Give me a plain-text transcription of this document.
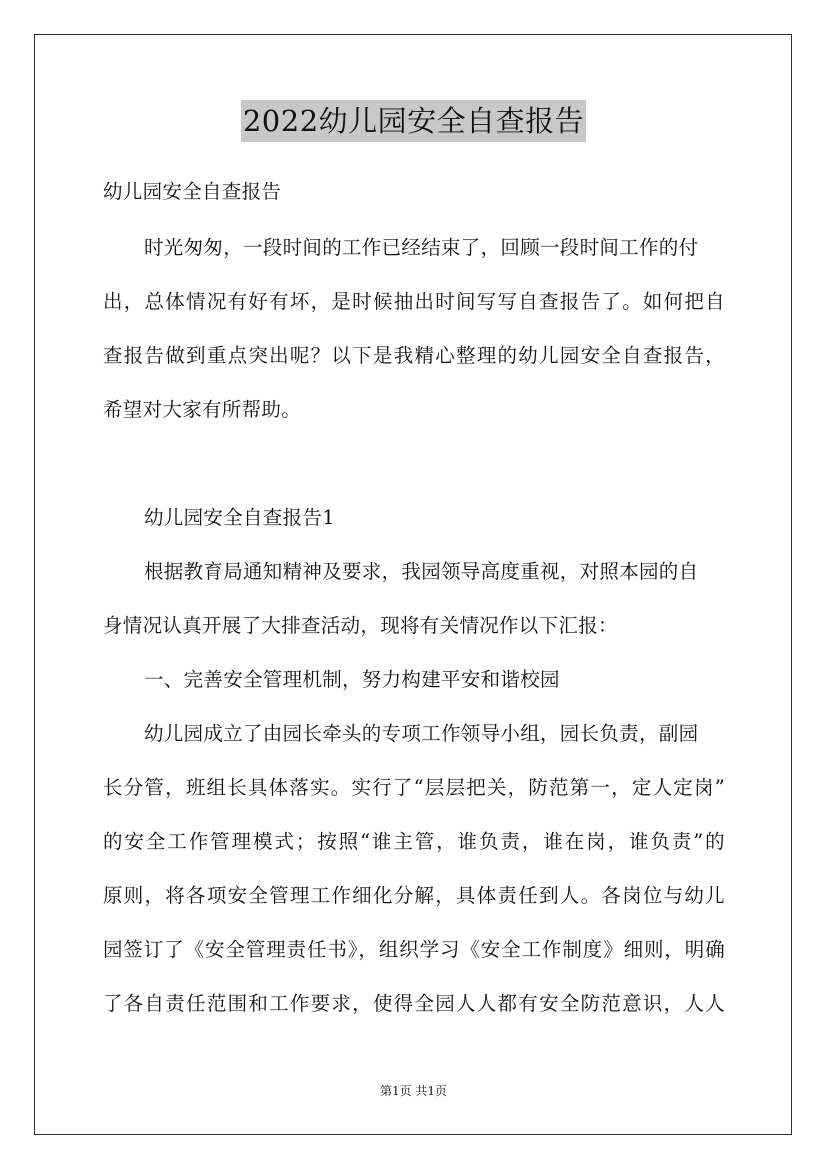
2022幼儿园安全自查报告
幼儿园安全自查报告
时光匆匆，一段时间的工作已经结束了，回顾一段时间工作的付
出，总体情况有好有坏，是时候抽出时间写写自查报告了。如何把自
查报告做到重点突出呢？以下是我精心整理的幼儿园安全自查报告，
希望对大家有所帮助。
幼儿园安全自查报告1
根据教育局通知精神及要求，我园领导高度重视，对照本园的自
身情况认真开展了大排查活动，现将有关情况作以下汇报：
一、完善安全管理机制，努力构建平安和谐校园
幼儿园成立了由园长牵头的专项工作领导小组，园长负责，副园
长分管，班组长具体落实。实行了“层层把关，防范第一，定人定岗”
的安全工作管理模式；按照“谁主管，谁负责，谁在岗，谁负责”的
原则，将各项安全管理工作细化分解，具体责任到人。各岗位与幼儿
园签订了《安全管理责任书》，组织学习《安全工作制度》细则，明确
了各自责任范围和工作要求，使得全园人人都有安全防范意识，人人
第1页 共1页
